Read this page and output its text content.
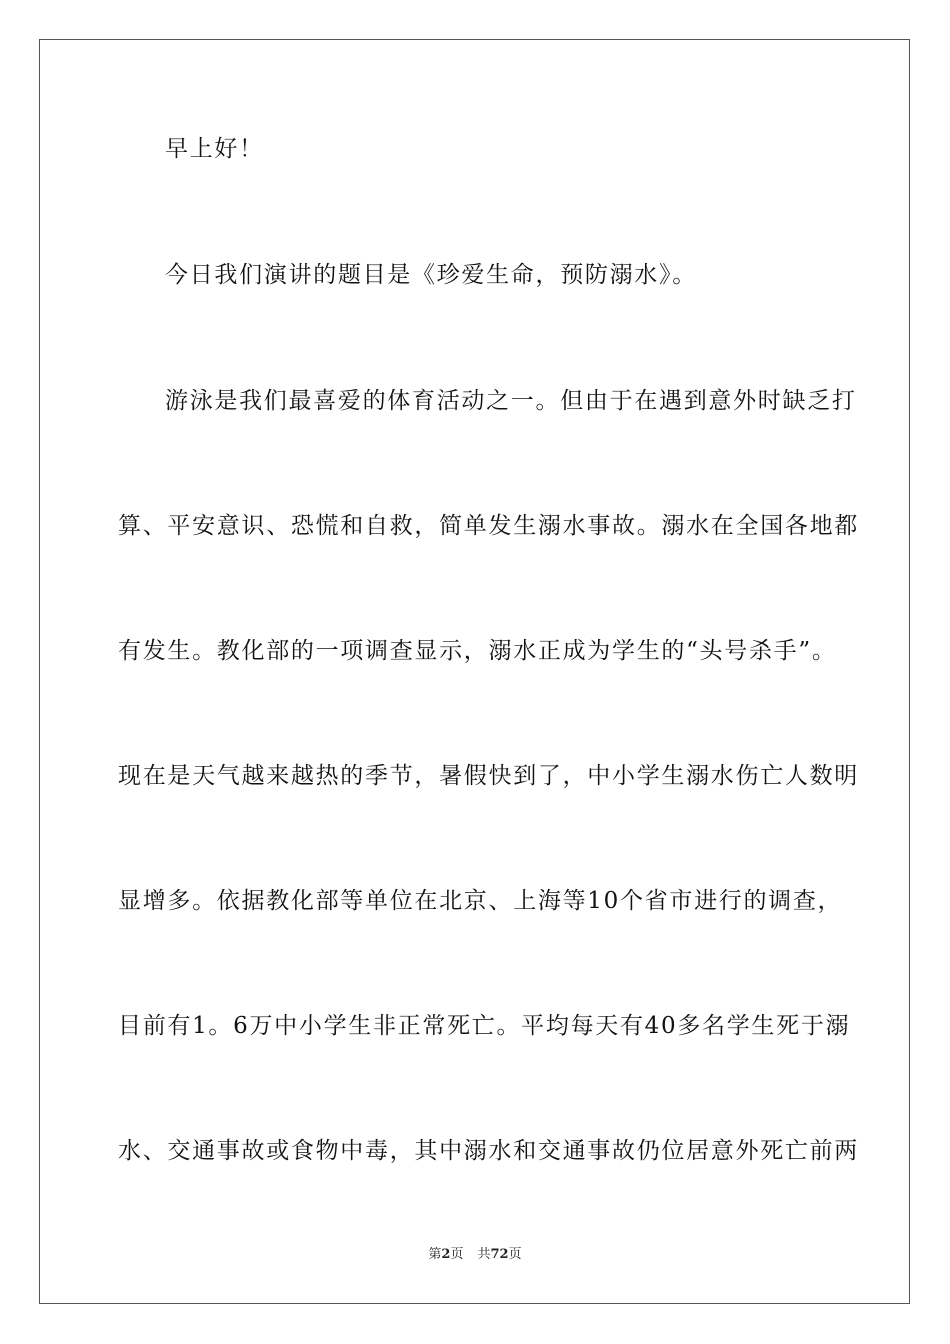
早上好！
今日我们演讲的题目是《珍爱生命，预防溺水》。
游泳是我们最喜爱的体育活动之一。但由于在遇到意外时缺乏打
算、平安意识、恐慌和自救，简单发生溺水事故。溺水在全国各地都
有发生。教化部的一项调查显示，溺水正成为学生的“头号杀手”。
现在是天气越来越热的季节，暑假快到了，中小学生溺水伤亡人数明
显增多。依据教化部等单位在北京、上海等10个省市进行的调查，
目前有1。6万中小学生非正常死亡。平均每天有40多名学生死于溺
水、交通事故或食物中毒，其中溺水和交通事故仍位居意外死亡前两
第2页 共72页
